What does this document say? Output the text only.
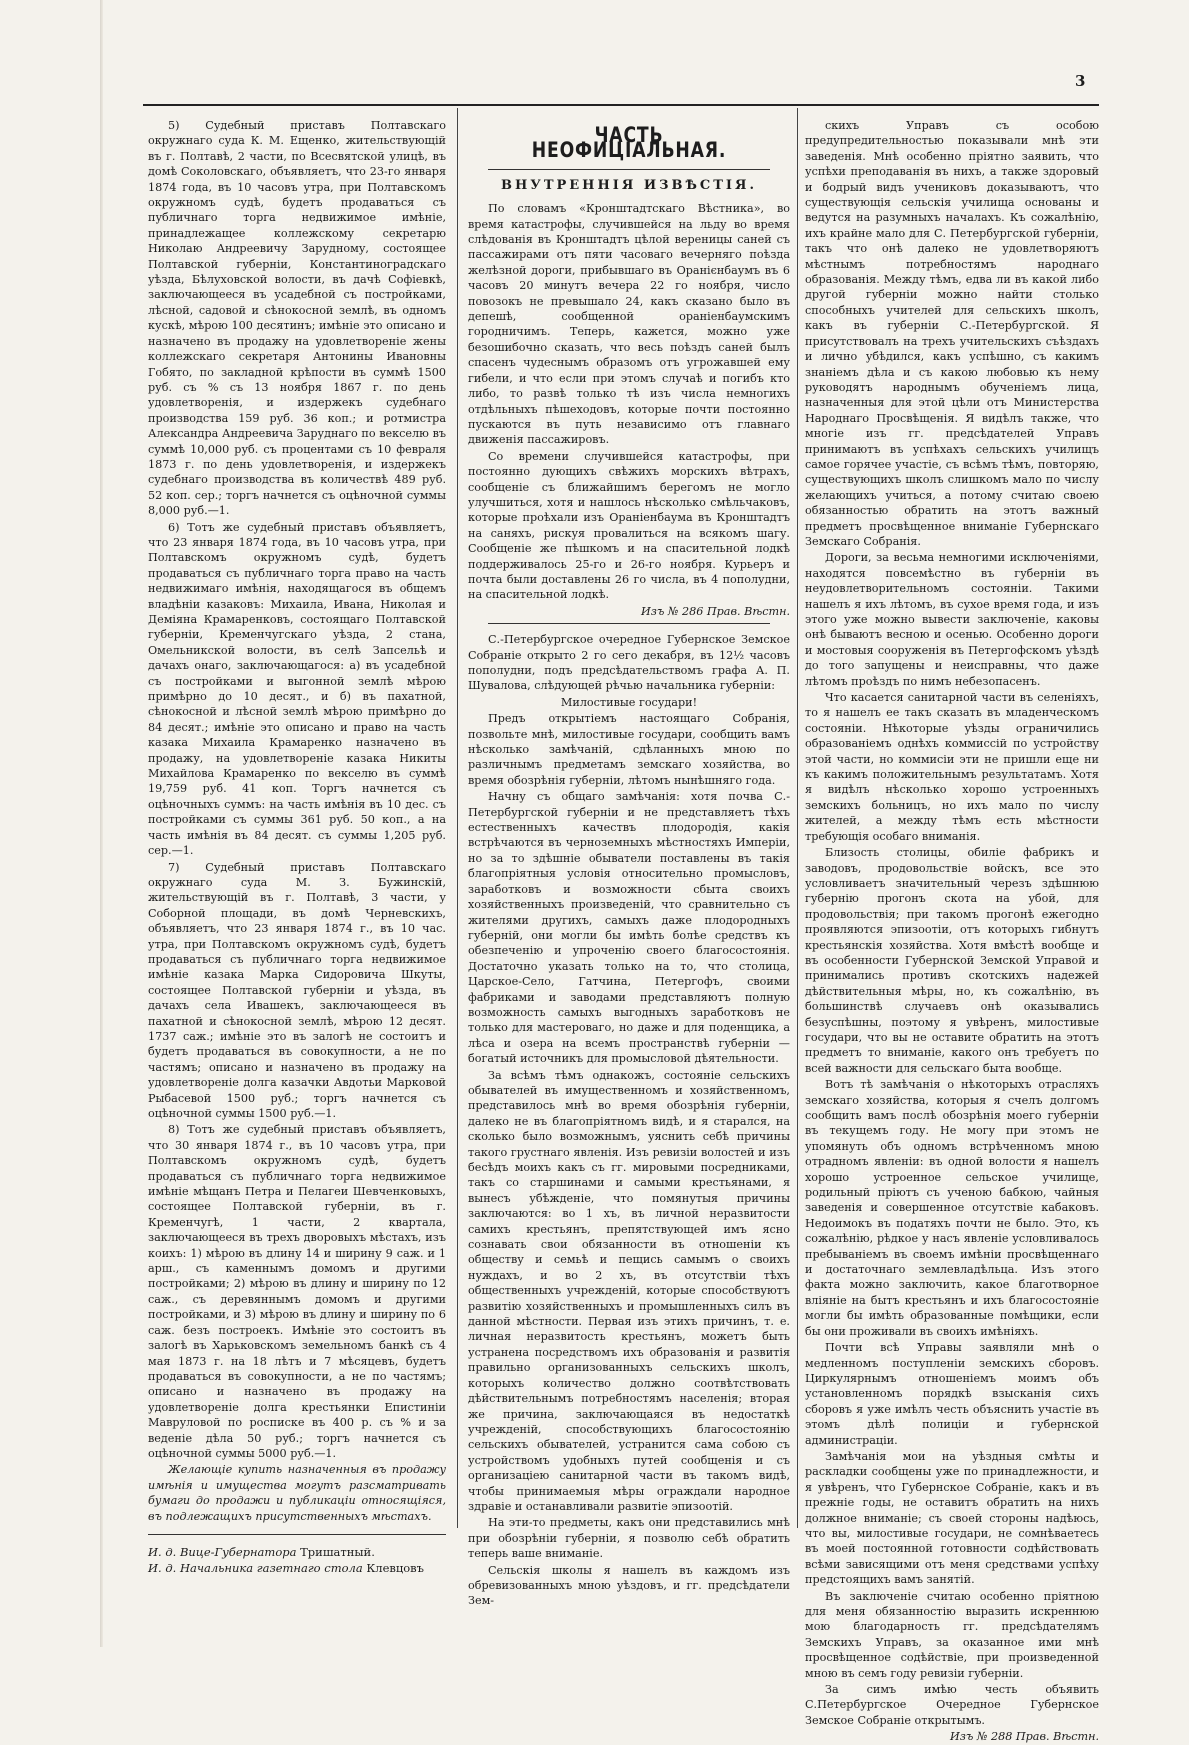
3

5) Судебный приставъ Полтавскаго окружнаго суда К. М. Ещенко, жительствующій въ г. Полтавѣ, 2 части, по Всесвятской улицѣ, въ домѣ Соколовскаго, объявляетъ, что 23-го января 1874 года, въ 10 часовъ утра, при Полтавскомъ окружномъ судѣ, будетъ продаваться съ публичнаго торга недвижимое имѣніе, принадлежащее коллежскому секретарю Николаю Андреевичу Зарудному, состоящее Полтавской губерніи, Константиноградскаго уѣзда, Бѣлуховской волости, въ дачѣ Софіевкѣ, заключающееся въ усадебной съ постройками, лѣсной, садовой и сѣнокосной землѣ, въ одномъ кускѣ, мѣрою 100 десятинъ; имѣніе это описано и назначено въ продажу на удовлетвореніе жены коллежскаго секретаря Антонины Ивановны Гобято, по закладной крѣпости въ суммѣ 1500 руб. съ % съ 13 ноября 1867 г. по день удовлетворенія, и издержекъ судебнаго производства 159 руб. 36 коп.; и ротмистра Александра Андреевича Заруднаго по векселю въ суммѣ 10,000 руб. съ процентами съ 10 февраля 1873 г. по день удовлетворенія, и издержекъ судебнаго производства въ количествѣ 489 руб. 52 коп. сер.; торгъ начнется съ оцѣночной суммы 8,000 руб.—1.

6) Тотъ же судебный приставъ объявляетъ, что 23 января 1874 года, въ 10 часовъ утра, при Полтавскомъ окружномъ судѣ, будетъ продаваться съ публичнаго торга право на часть недвижимаго имѣнія, находящагося въ общемъ владѣніи казаковъ: Михаила, Ивана, Николая и Деміяна Крамаренковъ, состоящаго Полтавской губерніи, Кременчугскаго уѣзда, 2 стана, Омельникской волости, въ селѣ Запсельѣ и дачахъ онаго, заключающагося: а) въ усадебной съ постройками и выгонной землѣ мѣрою примѣрно до 10 десят., и б) въ пахатной, сѣнокосной и лѣсной землѣ мѣрою примѣрно до 84 десят.; имѣніе это описано и право на часть казака Михаила Крамаренко назначено въ продажу, на удовлетвореніе казака Никиты Михайлова Крамаренко по векселю въ суммѣ 19,759 руб. 41 коп. Торгъ начнется съ оцѣночныхъ суммъ: на часть имѣнія въ 10 дес. съ постройками съ суммы 361 руб. 50 коп., а на часть имѣнія въ 84 десят. съ суммы 1,205 руб. сер.—1.

7) Судебный приставъ Полтавскаго окружнаго суда М. З. Бужинскій, жительствующій въ г. Полтавѣ, 3 части, у Соборной площади, въ домѣ Черневскихъ, объявляетъ, что 23 января 1874 г., въ 10 час. утра, при Полтавскомъ окружномъ судѣ, будетъ продаваться съ публичнаго торга недвижимое имѣніе казака Марка Сидоровича Шкуты, состоящее Полтавской губерніи и уѣзда, въ дачахъ села Ивашекъ, заключающееся въ пахатной и сѣнокосной землѣ, мѣрою 12 десят. 1737 саж.; имѣніе это въ залогѣ не состоитъ и будетъ продаваться въ совокупности, а не по частямъ; описано и назначено въ продажу на удовлетвореніе долга казачки Авдотьи Марковой Рыбасевой 1500 руб.; торгъ начнется съ оцѣночной суммы 1500 руб.—1.

8) Тотъ же судебный приставъ объявляетъ, что 30 января 1874 г., въ 10 часовъ утра, при Полтавскомъ окружномъ судѣ, будетъ продаваться съ публичнаго торга недвижимое имѣніе мѣщанъ Петра и Пелагеи Шевченковыхъ, состоящее Полтавской губерніи, въ г. Кременчугѣ, 1 части, 2 квартала, заключающееся въ трехъ дворовыхъ мѣстахъ, изъ коихъ: 1) мѣрою въ длину 14 и ширину 9 саж. и 1 арш., съ каменнымъ домомъ и другими постройками; 2) мѣрою въ длину и ширину по 12 саж., съ деревяннымъ домомъ и другими постройками, и 3) мѣрою въ длину и ширину по 6 саж. безъ построекъ. Имѣніе это состоитъ въ залогѣ въ Харьковскомъ земельномъ банкѣ съ 4 мая 1873 г. на 18 лѣтъ и 7 мѣсяцевъ, будетъ продаваться въ совокупности, а не по частямъ; описано и назначено въ продажу на удовлетвореніе долга крестьянки Епистиніи Мавруловой по росписке въ 400 р. съ % и за веденіе дѣла 50 руб.; торгъ начнется съ оцѣночной суммы 5000 руб.—1.

Желающіе купить назначенныя въ продажу имѣнія и имущества могутъ разсматривать бумаги до продажи и публикаціи относящіяся, въ подлежащихъ присутственныхъ мѣстахъ.

И. д. Вице-Губернатора Тришатный.

И. д. Начальника газетнаго стола Клевцовъ

ЧАСТЬ НЕОФИЦІАЛЬНАЯ.
ВНУТРЕННІЯ ИЗВѢСТІЯ.

По словамъ «Кронштадтскаго Вѣстника», во время катастрофы, случившейся на льду во время слѣдованія въ Кронштадтъ цѣлой вереницы саней съ пассажирами отъ пяти часоваго вечерняго поѣзда желѣзной дороги, прибывшаго въ Оранієнбаумъ въ 6 часовъ 20 минутъ вечера 22 го ноября, число повозокъ не превышало 24, какъ сказано было въ депешѣ, сообщенной ораніенбаумскимъ городничимъ. Теперь, кажется, можно уже безошибочно сказать, что весь поѣздъ саней былъ спасенъ чудеснымъ образомъ отъ угрожавшей ему гибели, и что если при этомъ случаѣ и погибъ кто либо, то развѣ только тѣ изъ числа немногихъ отдѣльныхъ пѣшеходовъ, которые почти постоянно пускаются въ путь независимо отъ главнаго движенія пассажировъ.

Со времени случившейся катастрофы, при постоянно дующихъ свѣжихъ морскихъ вѣтрахъ, сообщеніе съ ближайшимъ берегомъ не могло улучшиться, хотя и нашлось нѣсколько смѣльчаковъ, которые проѣхали изъ Ораніенбаума въ Кронштадтъ на саняхъ, рискуя провалиться на всякомъ шагу. Сообщеніе же пѣшкомъ и на спасительной лодкѣ поддерживалось 25-го и 26-го ноября. Курьеръ и почта были доставлены 26 го числа, въ 4 пополудни, на спасительной лодкѣ.

Изъ № 286 Прав. Вѣстн.

С.-Петербургское очередное Губернское Земское Собраніе открыто 2 го сего декабря, въ 12½ часовъ пополудни, подъ предсѣдательствомъ графа А. П. Шувалова, слѣдующей рѣчью начальника губерніи:

Милостивые государи!

Предъ открытіемъ настоящаго Собранія, позвольте мнѣ, милостивые государи, сообщить вамъ нѣсколько замѣчаній, сдѣланныхъ мною по различнымъ предметамъ земскаго хозяйства, во время обозрѣнія губерніи, лѣтомъ нынѣшняго года.

Начну съ общаго замѣчанія: хотя почва С.-Петербургской губерніи и не представляетъ тѣхъ естественныхъ качествъ плодородія, какія встрѣчаются въ черноземныхъ мѣстностяхъ Имперіи, но за то здѣшніе обыватели поставлены въ такія благопріятныя условія относительно промысловъ, заработковъ и возможности сбыта своихъ хозяйственныхъ произведеній, что сравнительно съ жителями другихъ, самыхъ даже плодородныхъ губерній, они могли бы имѣть болѣе средствъ къ обезпеченію и упроченію своего благосостоянія. Достаточно указать только на то, что столица, Царское-Село, Гатчина, Петергофъ, своими фабриками и заводами представляютъ полную возможность самыхъ выгодныхъ заработковъ не только для мастероваго, но даже и для поденщика, а лѣса и озера на всемъ пространствѣ губерніи — богатый источникъ для промысловой дѣятельности.

За всѣмъ тѣмъ однакожъ, состояніе сельскихъ обывателей въ имущественномъ и хозяйственномъ, представилось мнѣ во время обозрѣнія губерніи, далеко не въ благопріятномъ видѣ, и я старался, на сколько было возможнымъ, уяснить себѣ причины такого грустнаго явленія. Изъ ревизіи волостей и изъ бесѣдъ моихъ какъ съ гг. мировыми посредниками, такъ со старшинами и самыми крестьянами, я вынесъ убѣжденіе, что помянутыя причины заключаются: во 1 хъ, въ личной неразвитости самихъ крестьянъ, препятствующей имъ ясно сознавать свои обязанности въ отношеніи къ обществу и семьѣ и пещись самымъ о своихъ нуждахъ, и во 2 хъ, въ отсутствіи тѣхъ общественныхъ учрежденій, которые способствуютъ развитію хозяйственныхъ и промышленныхъ силъ въ данной мѣстности. Первая изъ этихъ причинъ, т. е. личная неразвитость крестьянъ, можетъ быть устранена посредствомъ ихъ образованія и развитія правильно организованныхъ сельскихъ школъ, которыхъ количество должно соотвѣтствовать дѣйствительнымъ потребностямъ населенія; вторая же причина, заключающаяся въ недостаткѣ учрежденій, способствующихъ благосостоянію сельскихъ обывателей, устранится сама собою съ устройствомъ удобныхъ путей сообщенія и съ организаціею санитарной части въ такомъ видѣ, чтобы принимаемыя мѣры ограждали народное здравіе и останавливали развитіе эпизоотій.

На эти-то предметы, какъ они представились мнѣ при обозрѣніи губерніи, я позволю себѣ обратить теперь ваше вниманіе.

Сельскія школы я нашелъ въ каждомъ изъ обревизованныхъ мною уѣздовъ, и гг. предсѣдатели Зем-

скихъ Управъ съ особою предупредительностью показывали мнѣ эти заведенія. Мнѣ особенно пріятно заявить, что успѣхи преподаванія въ нихъ, а также здоровый и бодрый видъ учениковъ доказываютъ, что существующія сельскія училища основаны и ведутся на разумныхъ началахъ. Къ сожалѣнію, ихъ крайне мало для С. Петербургской губерніи, такъ что онѣ далеко не удовлетворяютъ мѣстнымъ потребностямъ народнаго образованія. Между тѣмъ, едва ли въ какой либо другой губерніи можно найти столько способныхъ учителей для сельскихъ школъ, какъ въ губерніи С.-Петербургской. Я присутствовалъ на трехъ учительскихъ съѣздахъ и лично убѣдился, какъ успѣшно, съ какимъ знаніемъ дѣла и съ какою любовью къ нему руководятъ народнымъ обученіемъ лица, назначенныя для этой цѣли отъ Министерства Народнаго Просвѣщенія. Я видѣлъ также, что многіе изъ гг. предсѣдателей Управъ принимаютъ въ успѣхахъ сельскихъ училищъ самое горячее участіе, съ всѣмъ тѣмъ, повторяю, существующихъ школъ слишкомъ мало по числу желающихъ учиться, а потому считаю своею обязанностью обратить на этотъ важный предметъ просвѣщенное вниманіе Губернскаго Земскаго Собранія.

Дороги, за весьма немногими исключеніями, находятся повсемѣстно въ губерніи въ неудовлетворительномъ состояніи. Такими нашелъ я ихъ лѣтомъ, въ сухое время года, и изъ этого уже можно вывести заключеніе, каковы онѣ бываютъ весною и осенью. Особенно дороги и мостовыя сооруженія въ Петергофскомъ уѣздѣ до того запущены и неисправны, что даже лѣтомъ проѣздъ по нимъ небезопасенъ.

Что касается санитарной части въ селеніяхъ, то я нашелъ ее такъ сказать въ младенческомъ состояніи. Нѣкоторые уѣзды ограничились образованіемъ однѣхъ коммиссій по устройству этой части, но коммисіи эти не пришли еще ни къ какимъ положительнымъ результатамъ. Хотя я видѣлъ нѣсколько хорошо устроенныхъ земскихъ больницъ, но ихъ мало по числу жителей, а между тѣмъ есть мѣстности требующія особаго вниманія.

Близость столицы, обиліе фабрикъ и заводовъ, продовольствіе войскъ, все это условливаетъ значительный черезъ здѣшнюю губернію прогонъ скота на убой, для продовольствія; при такомъ прогонѣ ежегодно проявляются эпизоотіи, отъ которыхъ гибнутъ крестьянскія хозяйства. Хотя вмѣстѣ вообще и въ особенности Губернской Земской Управой и принимались противъ скотскихъ надежей дѣйствительныя мѣры, но, къ сожалѣнію, въ большинствѣ случаевъ онѣ оказывались безуспѣшны, поэтому я увѣренъ, милостивые государи, что вы не оставите обратить на этотъ предметъ то вниманіе, какого онъ требуетъ по всей важности для сельскаго быта вообще.

Вотъ тѣ замѣчанія о нѣкоторыхъ отрасляхъ земскаго хозяйства, которыя я счелъ долгомъ сообщить вамъ послѣ обозрѣнія моего губерніи въ текущемъ году. Не могу при этомъ не упомянуть объ одномъ встрѣченномъ мною отрадномъ явленіи: въ одной волости я нашелъ хорошо устроенное сельское училище, родильный пріютъ съ ученою бабкою, чайныя заведенія и совершенное отсутствіе кабаковъ. Недоимокъ въ податяхъ почти не было. Это, къ сожалѣнію, рѣдкое у насъ явленіе условливалось пребываніемъ въ своемъ имѣніи просвѣщеннаго и достаточнаго землевладѣльца. Изъ этого факта можно заключить, какое благотворное вліяніе на бытъ крестьянъ и ихъ благосостояніе могли бы имѣть образованные помѣщики, если бы они проживали въ своихъ имѣніяхъ.

Почти всѣ Управы заявляли мнѣ о медленномъ поступленіи земскихъ сборовъ. Циркулярнымъ отношеніемъ моимъ объ установленномъ порядкѣ взысканія сихъ сборовъ я уже имѣлъ честь объяснить участіе въ этомъ дѣлѣ полиціи и губернской администраціи.

Замѣчанія мои на уѣздныя смѣты и раскладки сообщены уже по принадлежности, и я увѣренъ, что Губернское Собраніе, какъ и въ прежніе годы, не оставитъ обратить на нихъ должное вниманіе; съ своей стороны надѣюсь, что вы, милостивые государи, не сомнѣваетесь въ моей постоянной готовности содѣйствовать всѣми зависящими отъ меня средствами успѣху предстоящихъ вамъ занятій.

Въ заключеніе считаю особенно пріятною для меня обязанностію выразить искреннюю мою благодарность гг. предсѣдателямъ Земскихъ Управъ, за оказанное ими мнѣ просвѣщенное содѣйствіе, при произведенной мною въ семъ году ревизіи губерніи.

За симъ имѣю честь объявить С.Петербургское Очередное Губернское Земское Собраніе открытымъ.

Изъ № 288 Прав. Вѣстн.
